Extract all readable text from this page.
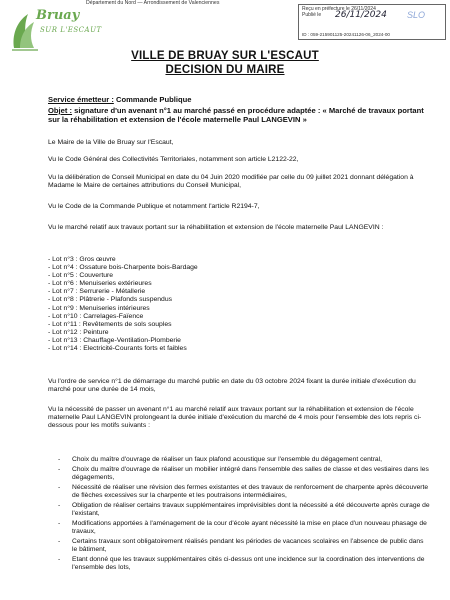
Département du Nord — Arrondissement de Valenciennes
Bruay
SUR L'ESCAUT
Reçu en préfecture le 26/11/2024
Publié le	26/11/2024 SLO
ID : 059-215901125-20241126-06_2024-00
VILLE DE BRUAY SUR L'ESCAUT
DECISION DU MAIRE
Service émetteur : Commande Publique
Objet : signature d'un avenant n°1 au marché passé en procédure adaptée : « Marché de travaux portant sur la réhabilitation et extension de l'école maternelle Paul LANGEVIN »
Le Maire de la Ville de Bruay sur l'Escaut,
Vu le Code Général des Collectivités Territoriales, notamment son article L2122-22,
Vu la délibération de Conseil Municipal en date du 04 Juin 2020 modifiée par celle du 09 juillet 2021 donnant délégation à Madame le Maire de certaines attributions du Conseil Municipal,
Vu le Code de la Commande Publique et notamment l'article R2194-7,
Vu le marché relatif aux travaux portant sur la réhabilitation et extension de l'école maternelle Paul LANGEVIN :
- Lot n°3 : Gros œuvre
- Lot n°4 : Ossature bois-Charpente bois-Bardage
- Lot n°5 : Couverture
- Lot n°6 : Menuiseries extérieures
- Lot n°7 : Serrurerie - Métallerie
- Lot n°8 : Plâtrerie - Plafonds suspendus
- Lot n°9 : Menuiseries intérieures
- Lot n°10 : Carrelages-Faïence
- Lot n°11 : Revêtements de sols souples
- Lot n°12 : Peinture
- Lot n°13 : Chauffage-Ventilation-Plomberie
- Lot n°14 : Electricité-Courants forts et faibles
Vu l'ordre de service n°1 de démarrage du marché public en date du 03 octobre 2024 fixant la durée initiale d'exécution du marché pour une durée de 14 mois,
Vu la nécessité de passer un avenant n°1 au marché relatif aux travaux portant sur la réhabilitation et extension de l'école maternelle Paul LANGEVIN prolongeant la durée initiale d'exécution du marché de 4 mois pour l'ensemble des lots repris ci-dessous pour les motifs suivants :
- Choix du maître d'ouvrage de réaliser un faux plafond acoustique sur l'ensemble du dégagement central,
- Choix du maître d'ouvrage de réaliser un mobilier intégré dans l'ensemble des salles de classe et des vestiaires dans les dégagements,
- Nécessité de réaliser une révision des fermes existantes et des travaux de renforcement de charpente après découverte de flèches excessives sur la charpente et les poutraisons intermédiaires,
- Obligation de réaliser certains travaux supplémentaires imprévisibles dont la nécessité a été découverte après curage de l'existant,
- Modifications apportées à l'aménagement de la cour d'école ayant nécessité la mise en place d'un nouveau phasage de travaux,
- Certains travaux sont obligatoirement réalisés pendant les périodes de vacances scolaires en l'absence de public dans le bâtiment,
- Etant donné que les travaux supplémentaires cités ci-dessus ont une incidence sur la coordination des interventions de l'ensemble des lots,
